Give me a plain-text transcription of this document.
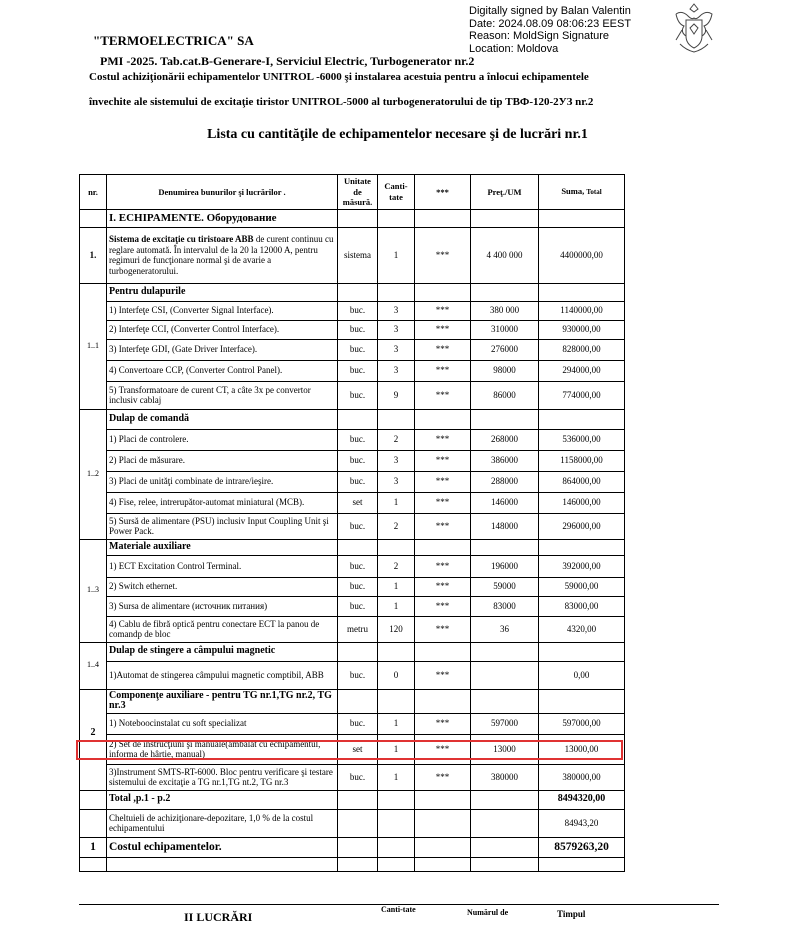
"TERMOELECTRICA" SA
Digitally signed by Balan Valentin
Date: 2024.08.09 08:06:23 EEST
Reason: MoldSign Signature
Location: Moldova
PMI -2025. Tab.cat.B-Generare-I, Serviciul Electric, Turbogenerator nr.2
Costul achiziţionării echipamentelor UNITROL -6000 şi instalarea acestuia pentru a înlocui echipamentele
învechite ale sistemului de excitaţie tiristor UNITROL-5000 al turbogeneratorului de tip ТВФ-120-2УЗ nr.2
Lista cu cantităţile de echipamentelor necesare şi de lucrări nr.1
nr.	Denumirea bunurilor şi lucrărilor .	Unitate de măsură.	Canti-tate	***	Preţ./UM	Suma, Total
	I. ECHIPAMENTE. Оборудование					
1.	Sistema de excitaţie cu tiristoare ABB de curent continuu cu reglare automată. În intervalul de la 20 la 12000 A, pentru regimuri de funcţionare normal şi de avarie a turbogeneratorului.	sistema	1	***	4 400 000	4400000,00
1..1	Pentru dulapurile					
	1) Interfeţe CSI, (Converter Signal Interface).	buc.	3	***	380 000	1140000,00
	2) Interfeţe CCI, (Converter Control Interface).	buc.	3	***	310000	930000,00
	3) Interfeţe GDI, (Gate Driver Interface).	buc.	3	***	276000	828000,00
	4) Convertoare CCP, (Converter Control Panel).	buc.	3	***	98000	294000,00
	5) Transformatoare de curent CT, a câte 3x pe convertor inclusiv cablaj	buc.	9	***	86000	774000,00
1..2	Dulap de comandă					
	1) Placi de controlere.	buc.	2	***	268000	536000,00
	2) Placi de măsurare.	buc.	3	***	386000	1158000,00
	3) Placi de unităţi combinate de intrare/ieşire.	buc.	3	***	288000	864000,00
	4) Fise, relee, intrerupător-automat miniatural (MCB).	set	1	***	146000	146000,00
	5) Sursă de alimentare (PSU) inclusiv Input Coupling Unit şi Power Pack.	buc.	2	***	148000	296000,00
1..3	Materiale auxiliare					
	1) ECT Excitation Control Terminal.	buc.	2	***	196000	392000,00
	2) Switch ethernet.	buc.	1	***	59000	59000,00
	3) Sursa de alimentare (источник питания)	buc.	1	***	83000	83000,00
	4) Cablu de fibră optică pentru conectare ECT la panou de comandp de bloc	metru	120	***	36	4320,00
1..4	Dulap de stingere a câmpului magnetic					
	1)Automat de stingerea câmpului magnetic comptibil, ABB	buc.	0	***		0,00
2	Componenţe auxiliare - pentru TG nr.1,TG nr.2, TG nr.3					
	1) Noteboocinstalat cu soft specializat	buc.	1	***	597000	597000,00
	2) Set de instrucţiuni şi manuale(ambalat cu echipamentul, informa de hârtie, manual)	set	1	***	13000	13000,00
	3)Instrument SMTS-RT-6000. Bloc pentru verificare şi testare sistemului de excitaţie a TG nr.1,TG nt.2, TG nr.3	buc.	1	***	380000	380000,00
	Total ,p.1 - p.2					8494320,00
	Cheltuieli de achiziţionare-depozitare, 1,0 % de la costul echipamentului					84943,20
1	Costul echipamentelor.					8579263,20

II LUCRĂRI
Canti-tate	Numărul de	Timpul
